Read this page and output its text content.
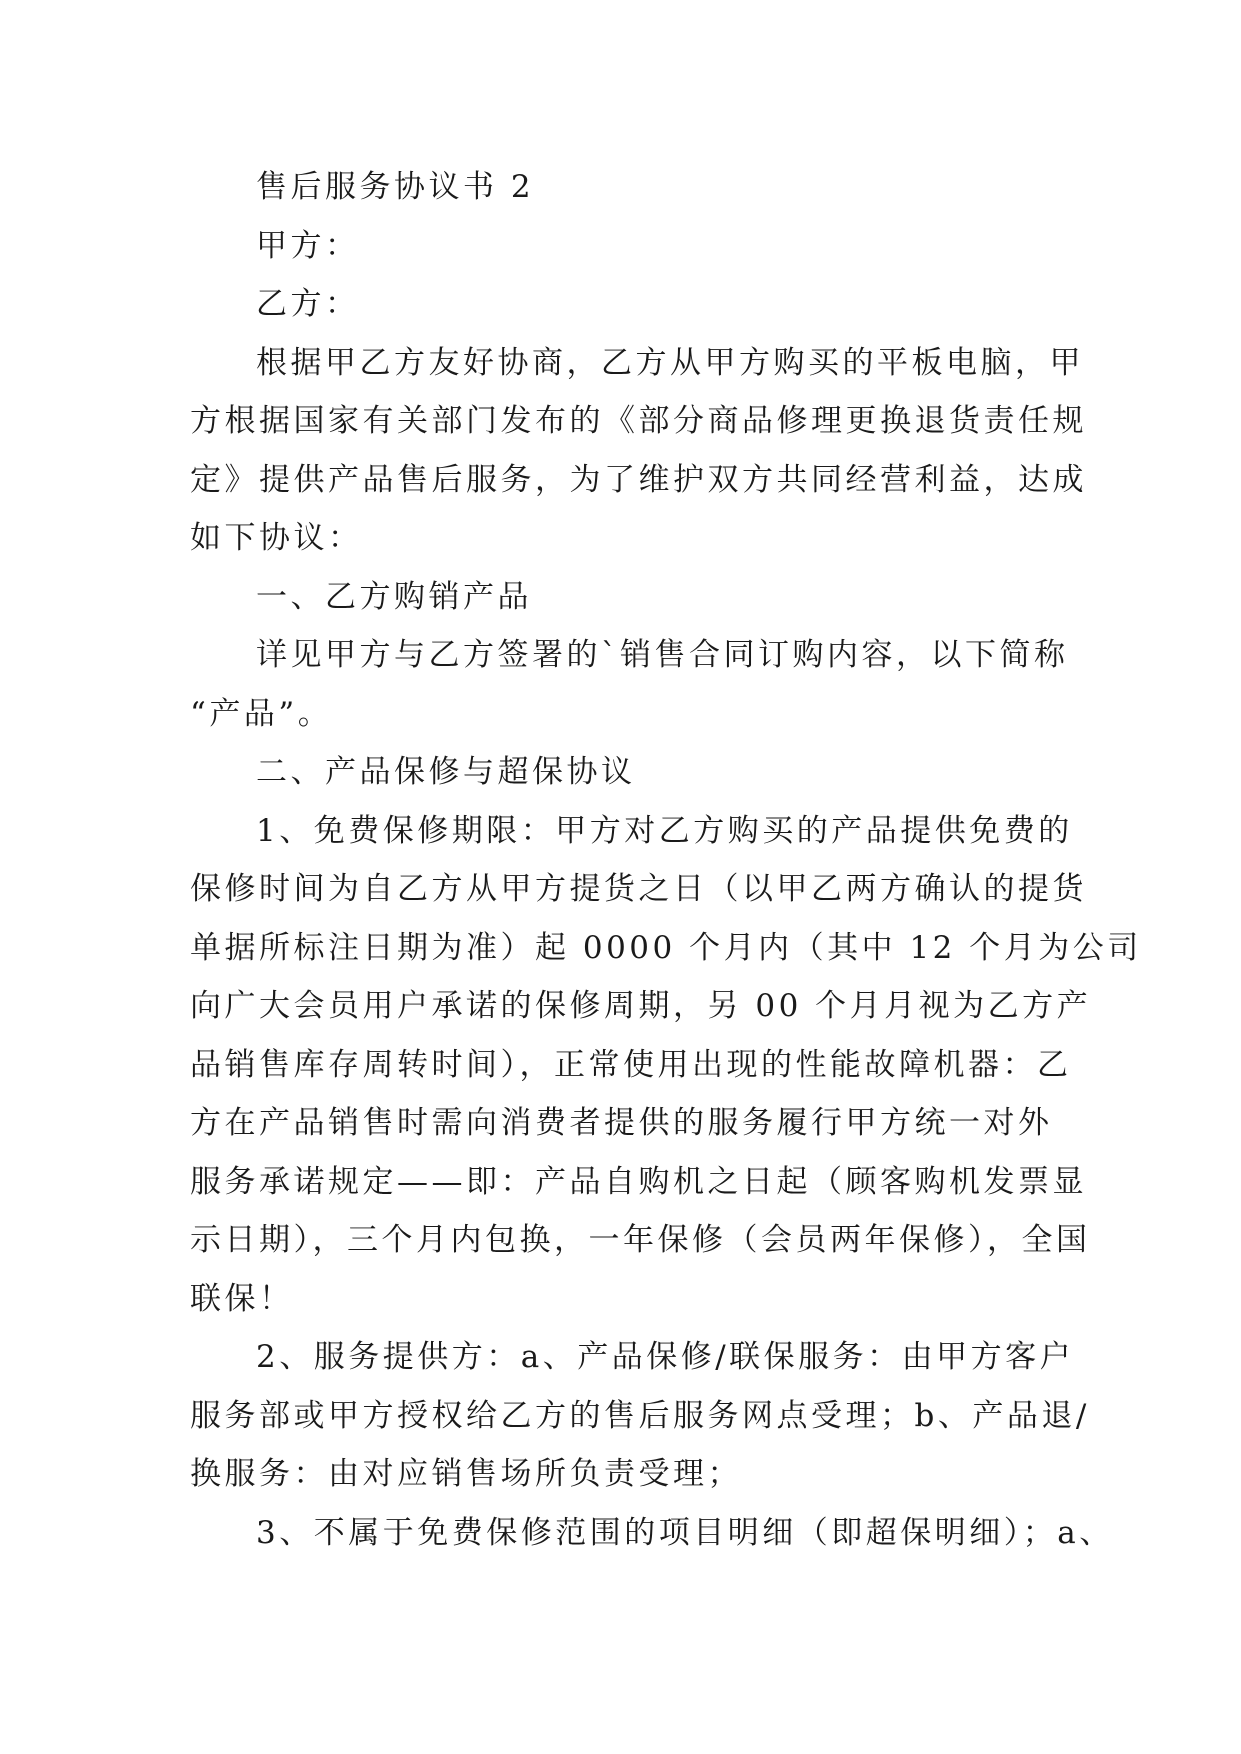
售后服务协议书 2
甲方：
乙方：
根据甲乙方友好协商，乙方从甲方购买的平板电脑，甲
方根据国家有关部门发布的《部分商品修理更换退货责任规
定》提供产品售后服务，为了维护双方共同经营利益，达成
如下协议：
一、乙方购销产品
详见甲方与乙方签署的`销售合同订购内容，以下简称
“产品”。
二、产品保修与超保协议
1、免费保修期限：甲方对乙方购买的产品提供免费的
保修时间为自乙方从甲方提货之日（以甲乙两方确认的提货
单据所标注日期为准）起 0000 个月内（其中 12 个月为公司
向广大会员用户承诺的保修周期，另 00 个月月视为乙方产
品销售库存周转时间），正常使用出现的性能故障机器：乙
方在产品销售时需向消费者提供的服务履行甲方统一对外
服务承诺规定——即：产品自购机之日起（顾客购机发票显
示日期），三个月内包换，一年保修（会员两年保修），全国
联保！
2、服务提供方：a、产品保修/联保服务：由甲方客户
服务部或甲方授权给乙方的售后服务网点受理；b、产品退/
换服务：由对应销售场所负责受理；
3、不属于免费保修范围的项目明细（即超保明细）；a、
